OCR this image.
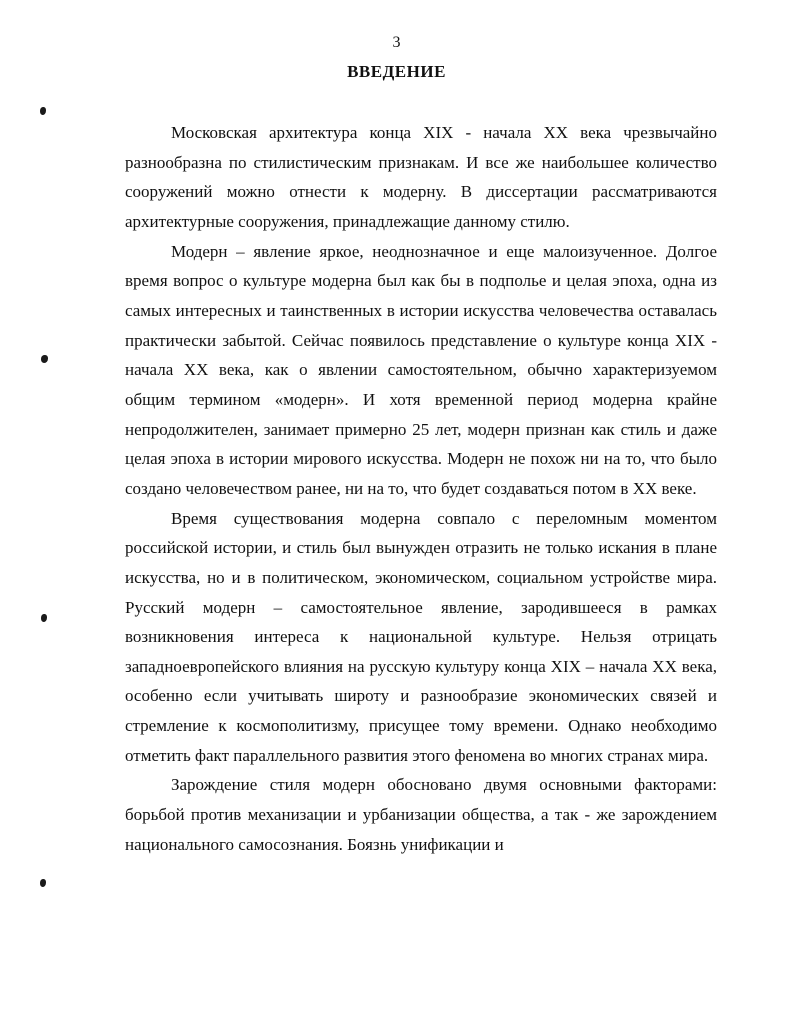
3
ВВЕДЕНИЕ

Московская архитектура конца XIX - начала XX века чрезвычайно разнообразна по стилистическим признакам. И все же наибольшее количество сооружений можно отнести к модерну. В диссертации рассматриваются архитектурные сооружения, принадлежащие данному стилю.

Модерн – явление яркое, неоднозначное и еще малоизученное. Долгое время вопрос о культуре модерна был как бы в подполье и целая эпоха, одна из самых интересных и таинственных в истории искусства человечества оставалась практически забытой. Сейчас появилось представление о культуре конца XIX - начала XX века, как о явлении самостоятельном, обычно характеризуемом общим термином «модерн». И хотя временной период модерна крайне непродолжителен, занимает примерно 25 лет, модерн признан как стиль и даже целая эпоха в истории мирового искусства. Модерн не похож ни на то, что было создано человечеством ранее, ни на то, что будет создаваться потом в XX веке.

Время существования модерна совпало с переломным моментом российской истории, и стиль был вынужден отразить не только искания в плане искусства, но и в политическом, экономическом, социальном устройстве мира. Русский модерн – самостоятельное явление, зародившееся в рамках возникновения интереса к национальной культуре. Нельзя отрицать западноевропейского влияния на русскую культуру конца XIX – начала XX века, особенно если учитывать широту и разнообразие экономических связей и стремление к космополитизму, присущее тому времени. Однако необходимо отметить факт параллельного развития этого феномена во многих странах мира.

Зарождение стиля модерн обосновано двумя основными факторами: борьбой против механизации и урбанизации общества, а так - же зарождением национального самосознания. Боязнь унификации и
